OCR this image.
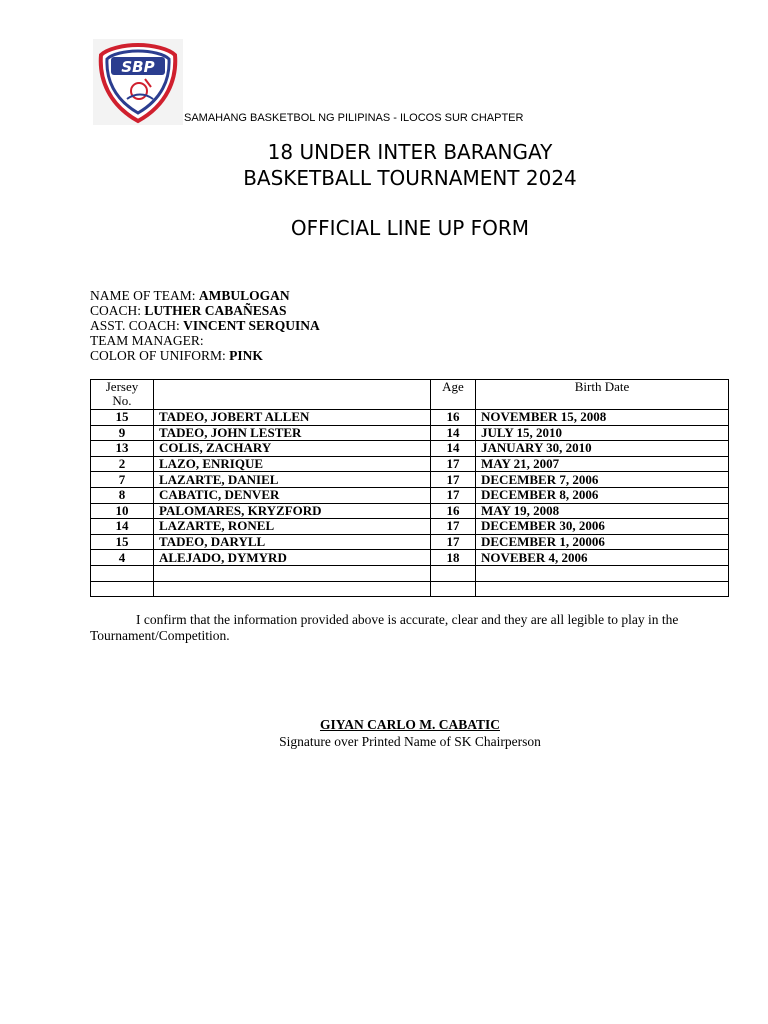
SBP
SAMAHANG BASKETBOL NG PILIPINAS - ILOCOS SUR CHAPTER
18 UNDER INTER BARANGAY
BASKETBALL TOURNAMENT 2024
OFFICIAL LINE UP FORM
NAME OF TEAM: AMBULOGAN
COACH: LUTHER CABAÑESAS
ASST. COACH: VINCENT SERQUINA
TEAM MANAGER:
COLOR OF UNIFORM: PINK
Jersey No.		Age	Birth Date
15	TADEO, JOBERT ALLEN	16	NOVEMBER 15, 2008
9	TADEO, JOHN LESTER	14	JULY 15, 2010
13	COLIS, ZACHARY	14	JANUARY 30, 2010
2	LAZO, ENRIQUE	17	MAY 21, 2007
7	LAZARTE, DANIEL	17	DECEMBER 7, 2006
8	CABATIC, DENVER	17	DECEMBER 8, 2006
10	PALOMARES, KRYZFORD	16	MAY 19, 2008
14	LAZARTE, RONEL	17	DECEMBER 30, 2006
15	TADEO, DARYLL	17	DECEMBER 1, 20006
4	ALEJADO, DYMYRD	18	NOVEBER 4, 2006

I confirm that the information provided above is accurate, clear and they are all legible to play in the Tournament/Competition.
GIYAN CARLO M. CABATIC
Signature over Printed Name of SK Chairperson
